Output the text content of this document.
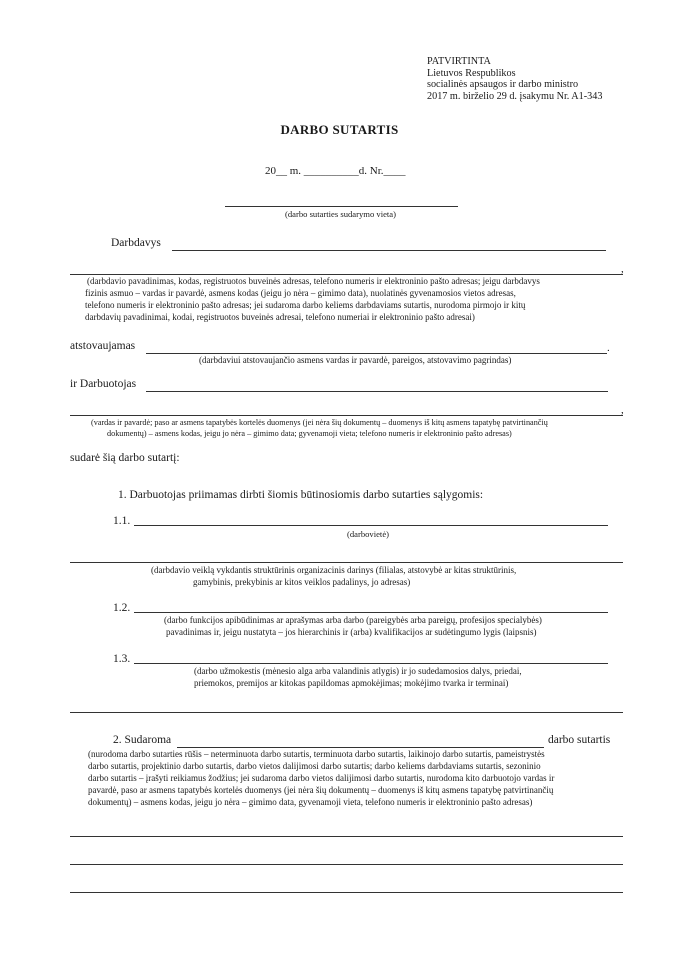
PATVIRTINTA
Lietuvos Respublikos
socialinės apsaugos ir darbo ministro
2017 m. birželio 29 d. įsakymu Nr. A1-343
DARBO SUTARTIS
20__ m. __________d. Nr.____
(darbo sutarties sudarymo vieta)
Darbdavys
,
(darbdavio pavadinimas, kodas, registruotos buveinės adresas, telefono numeris ir elektroninio pašto adresas; jeigu darbdavys
fizinis asmuo – vardas ir pavardė, asmens kodas (jeigu jo nėra – gimimo data), nuolatinės gyvenamosios vietos adresas,
telefono numeris ir elektroninio pašto adresas; jei sudaroma darbo keliems darbdaviams sutartis, nurodoma pirmojo ir kitų
darbdavių pavadinimai, kodai, registruotos buveinės adresai, telefono numeriai ir elektroninio pašto adresai)
atstovaujamas	.
(darbdaviui atstovaujančio asmens vardas ir pavardė, pareigos, atstovavimo pagrindas)
ir Darbuotojas
,
(vardas ir pavardė; paso ar asmens tapatybės kortelės duomenys (jei nėra šių dokumentų – duomenys iš kitų asmens tapatybę patvirtinančių
dokumentų) – asmens kodas, jeigu jo nėra – gimimo data; gyvenamoji vieta; telefono numeris ir elektroninio pašto adresas)
sudarė šią darbo sutartį:
1. Darbuotojas priimamas dirbti šiomis būtinosiomis darbo sutarties sąlygomis:
1.1.
(darbovietė)
(darbdavio veiklą vykdantis struktūrinis organizacinis darinys (filialas, atstovybė ar kitas struktūrinis,
gamybinis, prekybinis ar kitos veiklos padalinys, jo adresas)
1.2.
(darbo funkcijos apibūdinimas ar aprašymas arba darbo (pareigybės arba pareigų, profesijos specialybės)
pavadinimas ir, jeigu nustatyta – jos hierarchinis ir (arba) kvalifikacijos ar sudėtingumo lygis (laipsnis)
1.3.
(darbo užmokestis (mėnesio alga arba valandinis atlygis) ir jo sudedamosios dalys, priedai,
priemokos, premijos ar kitokas papildomas apmokėjimas; mokėjimo tvarka ir terminai)
2. Sudaroma	darbo sutartis
(nurodoma darbo sutarties rūšis – neterminuota darbo sutartis, terminuota darbo sutartis, laikinojo darbo sutartis, pameistrystės
darbo sutartis, projektinio darbo sutartis, darbo vietos dalijimosi darbo sutartis; darbo keliems darbdaviams sutartis, sezoninio
darbo sutartis – įrašyti reikiamus žodžius; jei sudaroma darbo vietos dalijimosi darbo sutartis, nurodoma kito darbuotojo vardas ir
pavardė, paso ar asmens tapatybės kortelės duomenys (jei nėra šių dokumentų – duomenys iš kitų asmens tapatybę patvirtinančių
dokumentų) – asmens kodas, jeigu jo nėra – gimimo data, gyvenamoji vieta, telefono numeris ir elektroninio pašto adresas)
